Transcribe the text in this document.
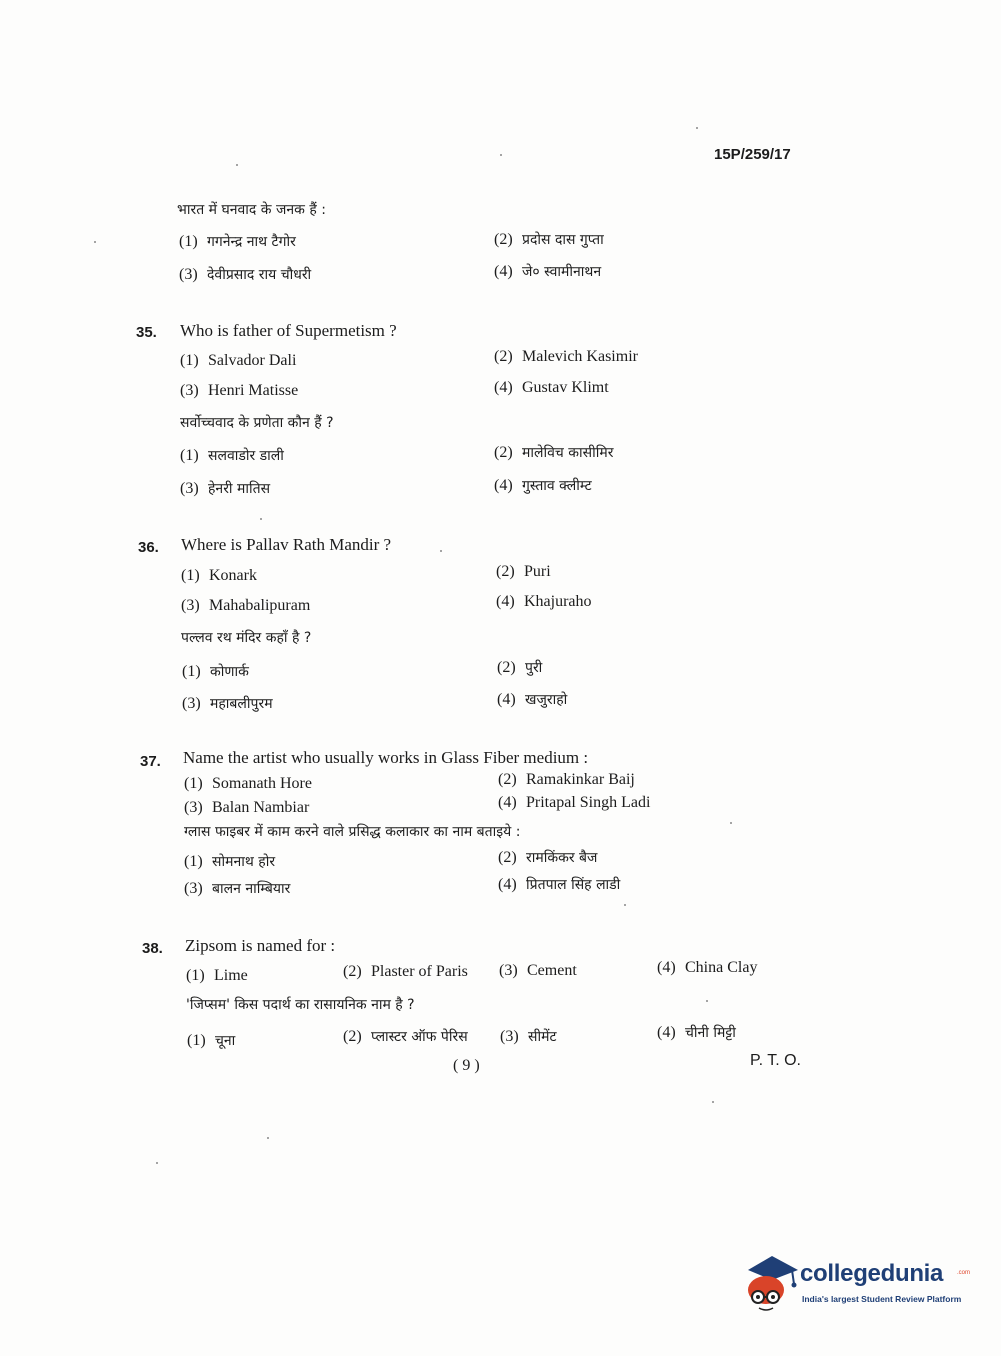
15P/259/17
भारत में घनवाद के जनक हैं :
(1) गगनेन्द्र नाथ टैगोर	(2) प्रदोस दास गुप्ता
(3) देवीप्रसाद राय चौधरी	(4) जे० स्वामीनाथन
35. Who is father of Supermetism ?
(1) Salvador Dali	(2) Malevich Kasimir
(3) Henri Matisse	(4) Gustav Klimt
सर्वोच्चवाद के प्रणेता कौन हैं ?
(1) सलवाडोर डाली	(2) मालेविच कासीमिर
(3) हेनरी मातिस	(4) गुस्ताव क्लीम्ट
36. Where is Pallav Rath Mandir ?
(1) Konark	(2) Puri
(3) Mahabalipuram	(4) Khajuraho
पल्लव रथ मंदिर कहाँ है ?
(1) कोणार्क	(2) पुरी
(3) महाबलीपुरम	(4) खजुराहो
37. Name the artist who usually works in Glass Fiber medium :
(1) Somanath Hore	(2) Ramakinkar Baij
(3) Balan Nambiar	(4) Pritapal Singh Ladi
ग्लास फाइबर में काम करने वाले प्रसिद्ध कलाकार का नाम बताइये :
(1) सोमनाथ होर	(2) रामकिंकर बैज
(3) बालन नाम्बियार	(4) प्रितपाल सिंह लाडी
38. Zipsom is named for :
(1) Lime	(2) Plaster of Paris (3) Cement	(4) China Clay
'जिप्सम' किस पदार्थ का रासायनिक नाम है ?
(1) चूना	(2) प्लास्टर ऑफ पेरिस (3) सीमेंट	(4) चीनी मिट्टी
( 9 )	P. T. O.
collegedunia .com
India's largest Student Review Platform
